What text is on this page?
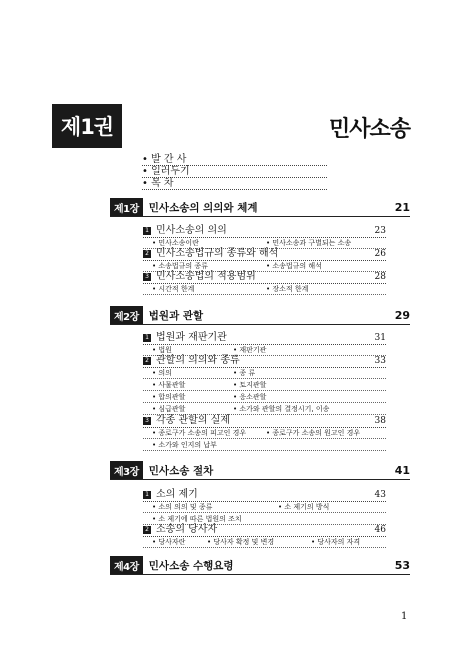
제1권	민사소송
• 발 간 사
• 일러두기
• 목 차
제1장 민사소송의 의의와 체계	21
1 민사소송의 의의	23
• 민사소송이란	• 민사소송과 구별되는 소송
2 민사소송법규의 종류와 해석	26
• 소송법규의 종류	• 소송법규의 해석
3 민사소송법의 적용범위	28
• 시간적 한계	• 장소적 한계
제2장 법원과 관할	29
1 법원과 재판기관	31
• 법원	• 재판기관
2 관할의 의의와 종류	33
• 의의	• 종 류
• 사물관할	• 토지관할
• 합의관할	• 응소관할
• 심급관할	• 소가와 관할의 결정시기, 이송
3 각종 관할의 실제	38
• 종로구가 소송의 피고인 경우	• 종로구가 소송의 원고인 경우
• 소가와 인지의 납부
제3장 민사소송 절차	41
1 소의 제기	43
• 소의 의의 및 종류	• 소 제기의 방식
• 소 제기에 따른 법원의 조치
2 소송의 당사자	46
• 당사자란	• 당사자 확정 및 변경	• 당사자의 자격
제4장 민사소송 수행요령	53
1
